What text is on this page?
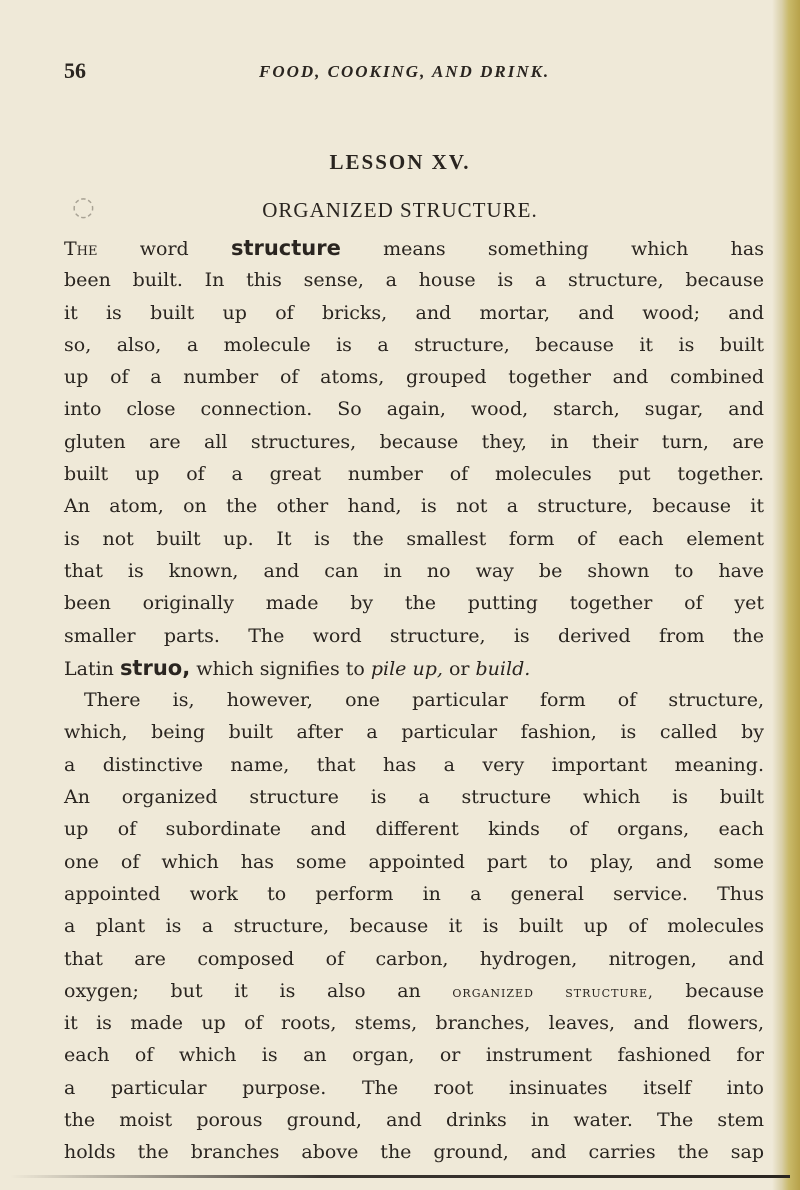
56	FOOD, COOKING, AND DRINK.
LESSON XV.
◌	ORGANIZED STRUCTURE.
The word structure means something which has
been built. In this sense, a house is a structure, because
it is built up of bricks, and mortar, and wood; and
so, also, a molecule is a structure, because it is built
up of a number of atoms, grouped together and combined
into close connection. So again, wood, starch, sugar, and
gluten are all structures, because they, in their turn, are
built up of a great number of molecules put together.
An atom, on the other hand, is not a structure, because it
is not built up. It is the smallest form of each element
that is known, and can in no way be shown to have
been originally made by the putting together of yet
smaller parts. The word structure, is derived from the
Latin struo, which signifies to pile up, or build.
There is, however, one particular form of structure,
which, being built after a particular fashion, is called by
a distinctive name, that has a very important meaning.
An organized structure is a structure which is built
up of subordinate and different kinds of organs, each
one of which has some appointed part to play, and some
appointed work to perform in a general service. Thus
a plant is a structure, because it is built up of molecules
that are composed of carbon, hydrogen, nitrogen, and
oxygen; but it is also an organized structure, because
it is made up of roots, stems, branches, leaves, and flowers,
each of which is an organ, or instrument fashioned for
a particular purpose. The root insinuates itself into
the moist porous ground, and drinks in water. The stem
holds the branches above the ground, and carries the sap
